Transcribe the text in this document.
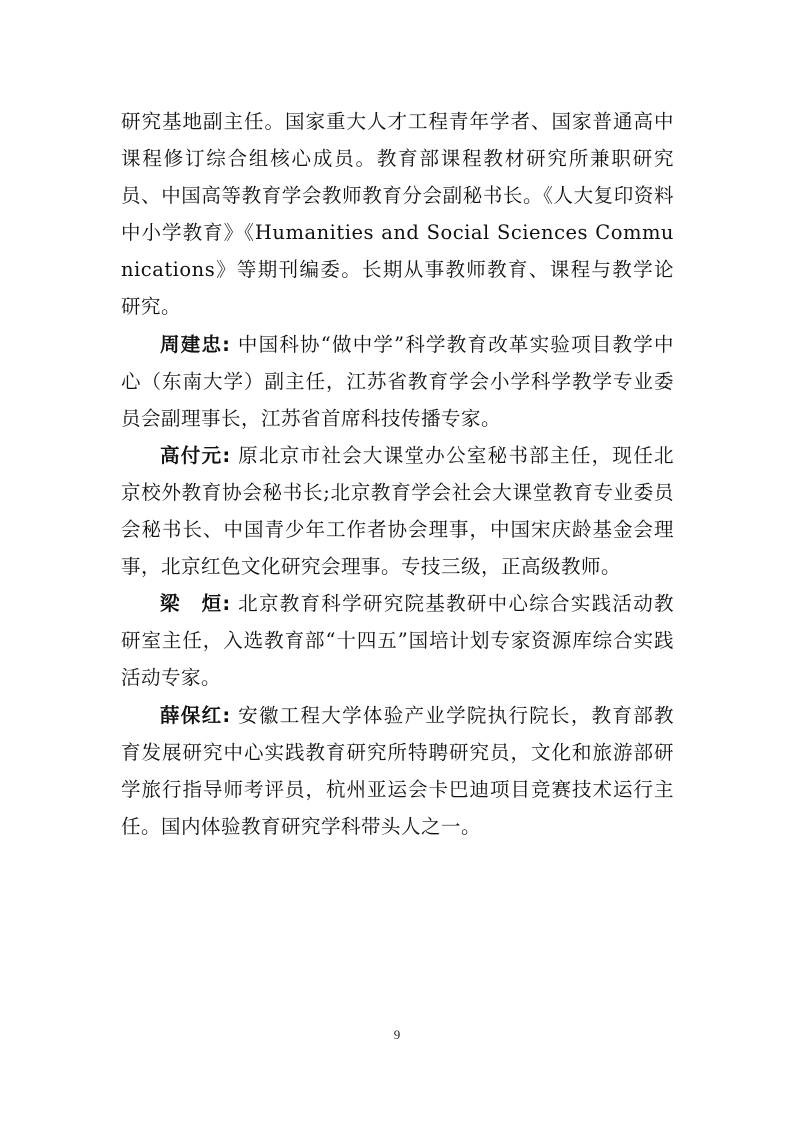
研究基地副主任。国家重大人才工程青年学者、国家普通高中课程修订综合组核心成员。教育部课程教材研究所兼职研究员、中国高等教育学会教师教育分会副秘书长。《人大复印资料 中小学教育》《Humanities and Social Sciences Communications》等期刊编委。长期从事教师教育、课程与教学论研究。

周建忠: 中国科协“做中学”科学教育改革实验项目教学中心（东南大学）副主任，江苏省教育学会小学科学教学专业委员会副理事长，江苏省首席科技传播专家。

高付元: 原北京市社会大课堂办公室秘书部主任，现任北京校外教育协会秘书长;北京教育学会社会大课堂教育专业委员会秘书长、中国青少年工作者协会理事，中国宋庆龄基金会理事，北京红色文化研究会理事。专技三级，正高级教师。

梁　烜: 北京教育科学研究院基教研中心综合实践活动教研室主任，入选教育部“十四五”国培计划专家资源库综合实践活动专家。

薛保红: 安徽工程大学体验产业学院执行院长，教育部教育发展研究中心实践教育研究所特聘研究员，文化和旅游部研学旅行指导师考评员，杭州亚运会卡巴迪项目竞赛技术运行主任。国内体验教育研究学科带头人之一。

9
